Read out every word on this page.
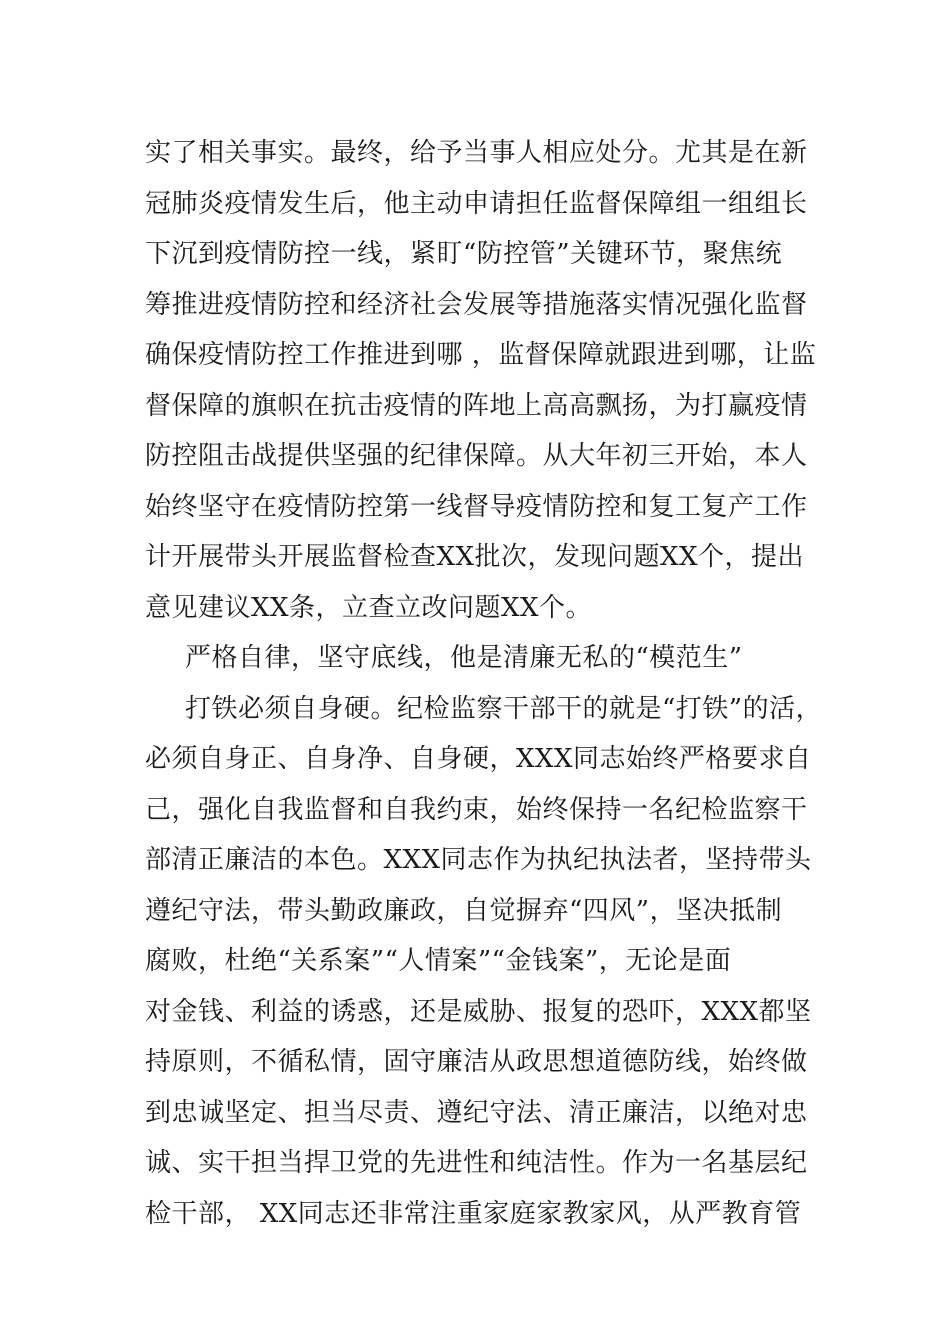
实了相关事实。最终，给予当事人相应处分。尤其是在新
冠肺炎疫情发生后，他主动申请担任监督保障组一组组长
下沉到疫情防控一线，紧盯“防控管”关键环节，聚焦统
筹推进疫情防控和经济社会发展等措施落实情况强化监督
确保疫情防控工作推进到哪 ，监督保障就跟进到哪，让监
督保障的旗帜在抗击疫情的阵地上高高飘扬，为打赢疫情
防控阻击战提供坚强的纪律保障。从大年初三开始，本人
始终坚守在疫情防控第一线督导疫情防控和复工复产工作
计开展带头开展监督检查XX批次，发现问题XX个，提出
意见建议XX条，立查立改问题XX个。
严格自律，坚守底线，他是清廉无私的“模范生”
打铁必须自身硬。纪检监察干部干的就是“打铁”的活，
必须自身正、自身净、自身硬，XXX同志始终严格要求自
己，强化自我监督和自我约束，始终保持一名纪检监察干
部清正廉洁的本色。XXX同志作为执纪执法者，坚持带头
遵纪守法，带头勤政廉政，自觉摒弃“四风”，坚决抵制
腐败，杜绝“关系案”“人情案”“金钱案”，无论是面
对金钱、利益的诱惑，还是威胁、报复的恐吓，XXX都坚
持原则，不循私情，固守廉洁从政思想道德防线，始终做
到忠诚坚定、担当尽责、遵纪守法、清正廉洁，以绝对忠
诚、实干担当捍卫党的先进性和纯洁性。作为一名基层纪
检干部， XX同志还非常注重家庭家教家风，从严教育管
